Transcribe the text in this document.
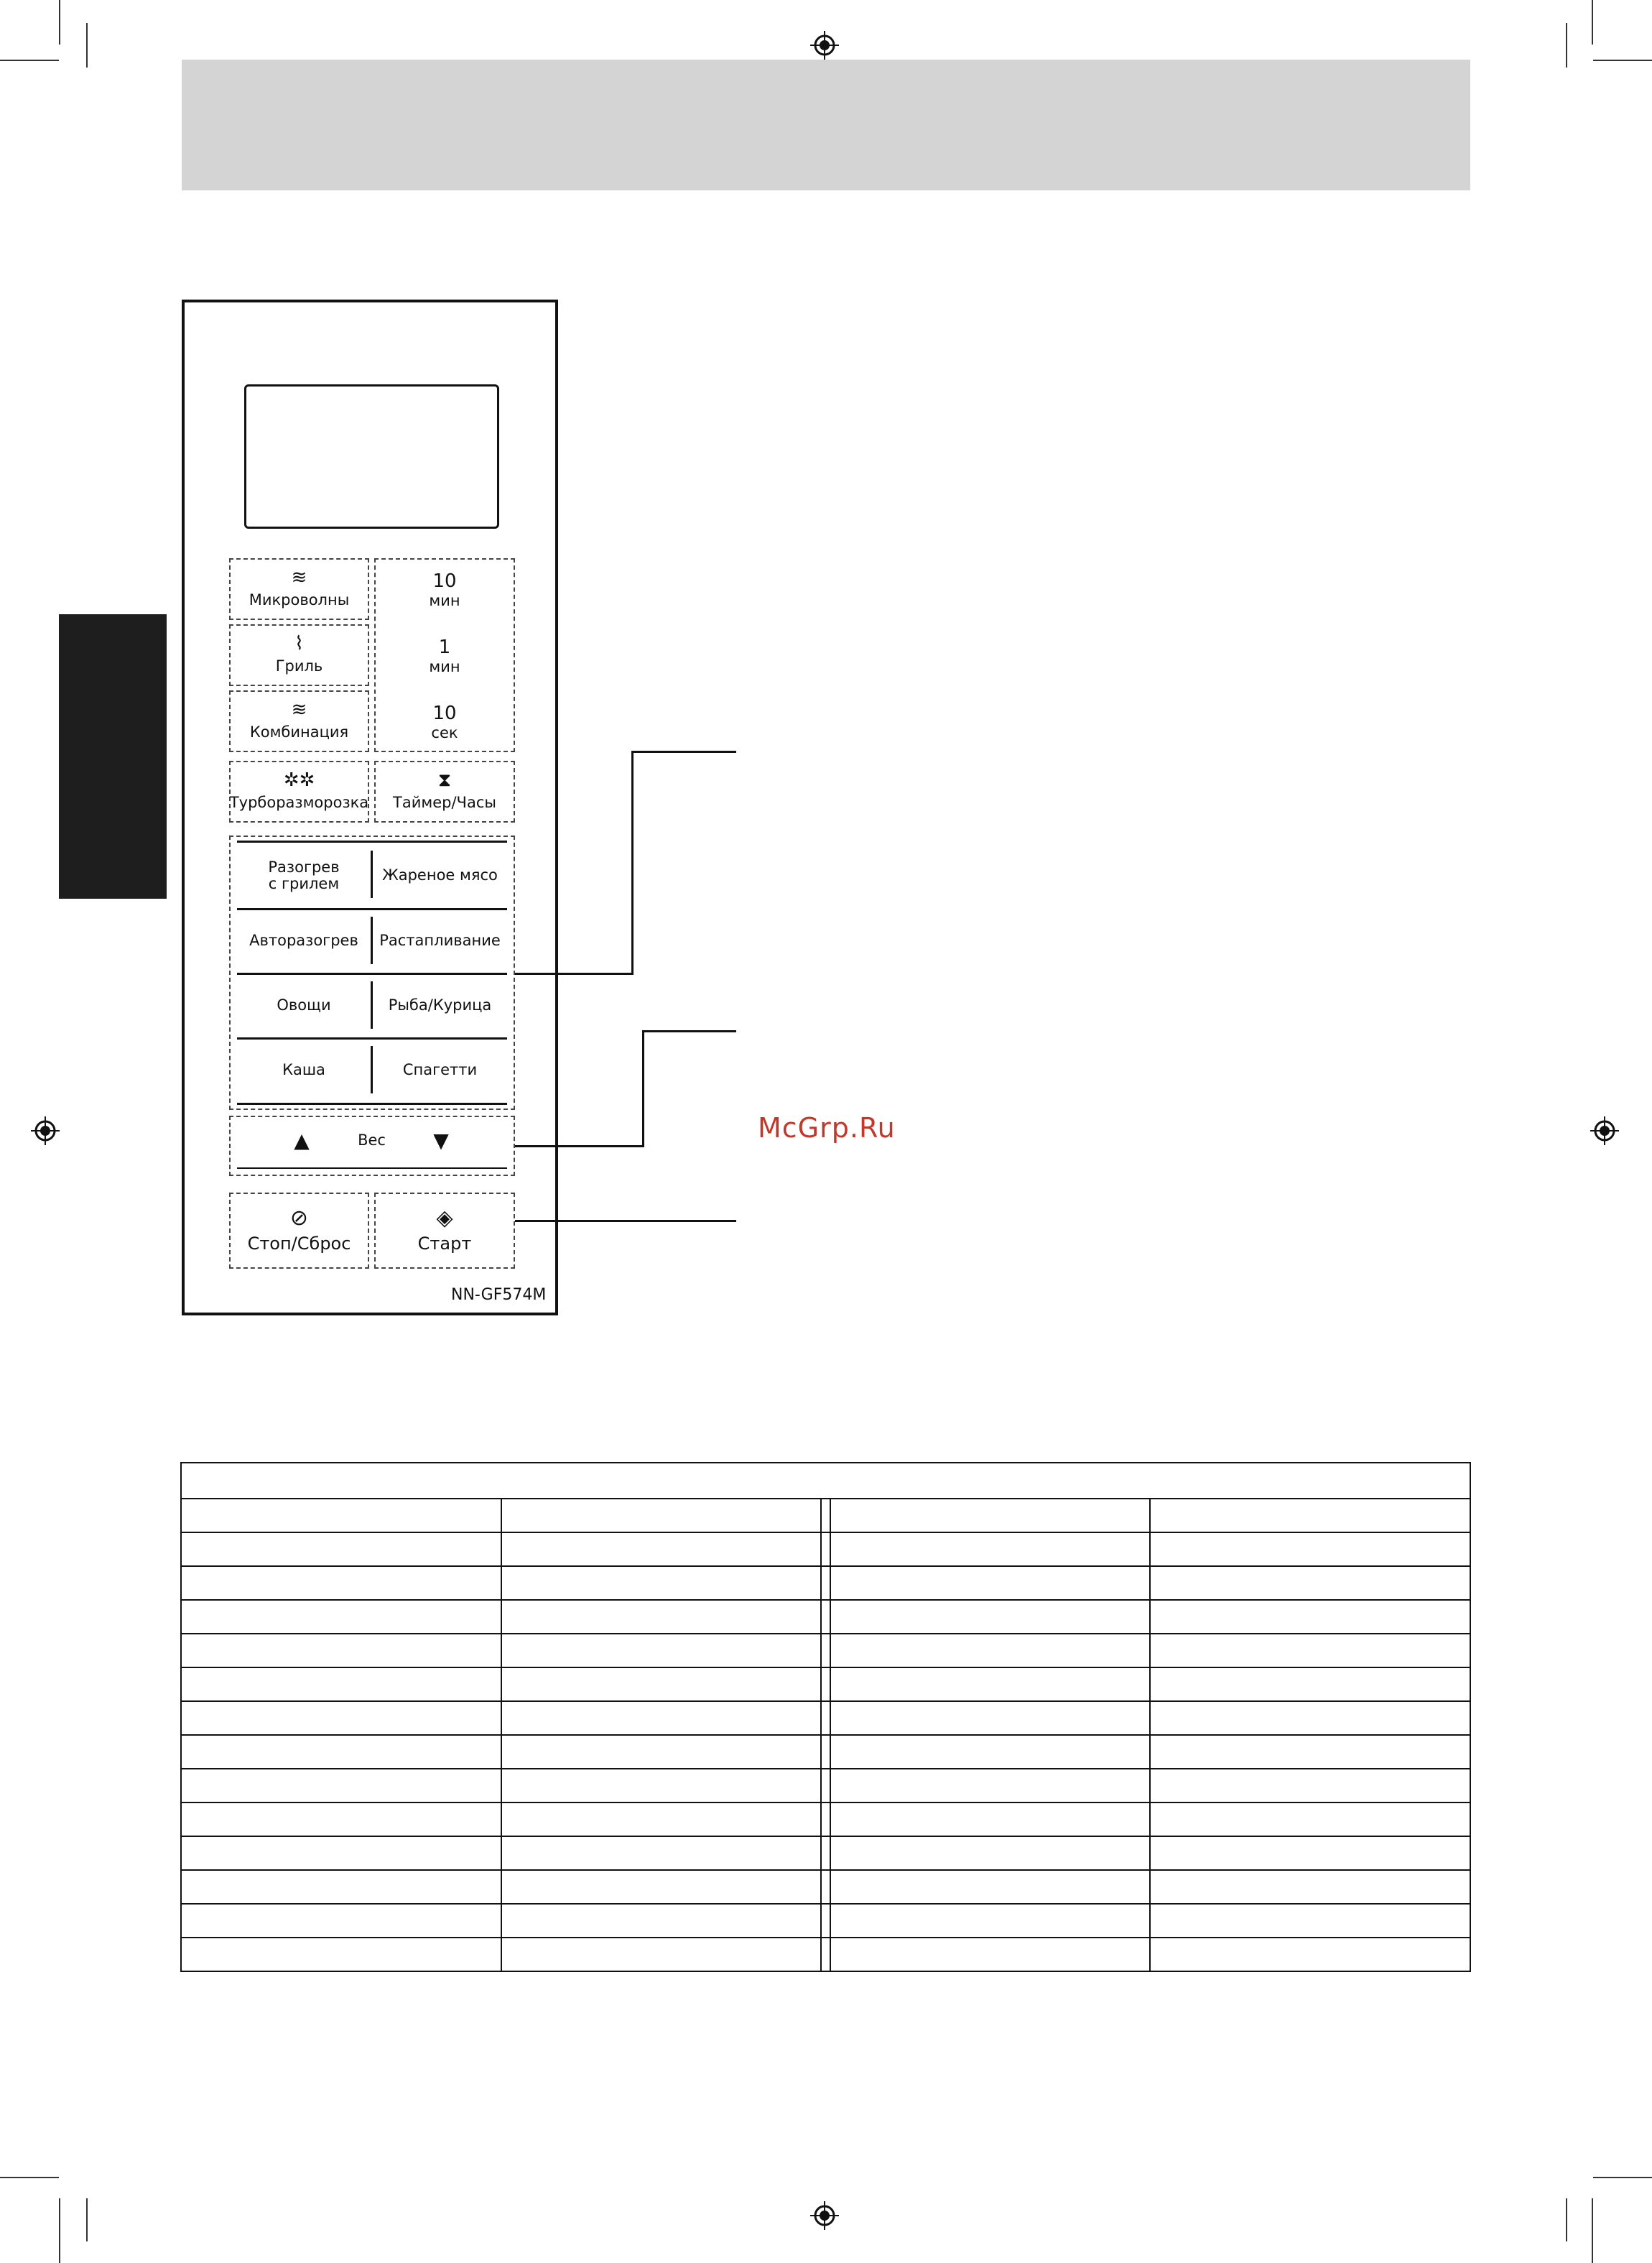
≋
Микроволны
⌇
Гриль
≋
Комбинация
10
мин
1
мин
10
сек
✲✲
Турборазморозка
⧗
Таймер/Часы
Разогрев
с грилем	Жареное мясо
Авторазогрев	Растапливание
Овощи	Рыба/Курица
Каша	Спагетти
▲	Вес	▼
⊘
Стоп/Сброс
◈
Старт
NN-GF574M
McGrp.Ru
